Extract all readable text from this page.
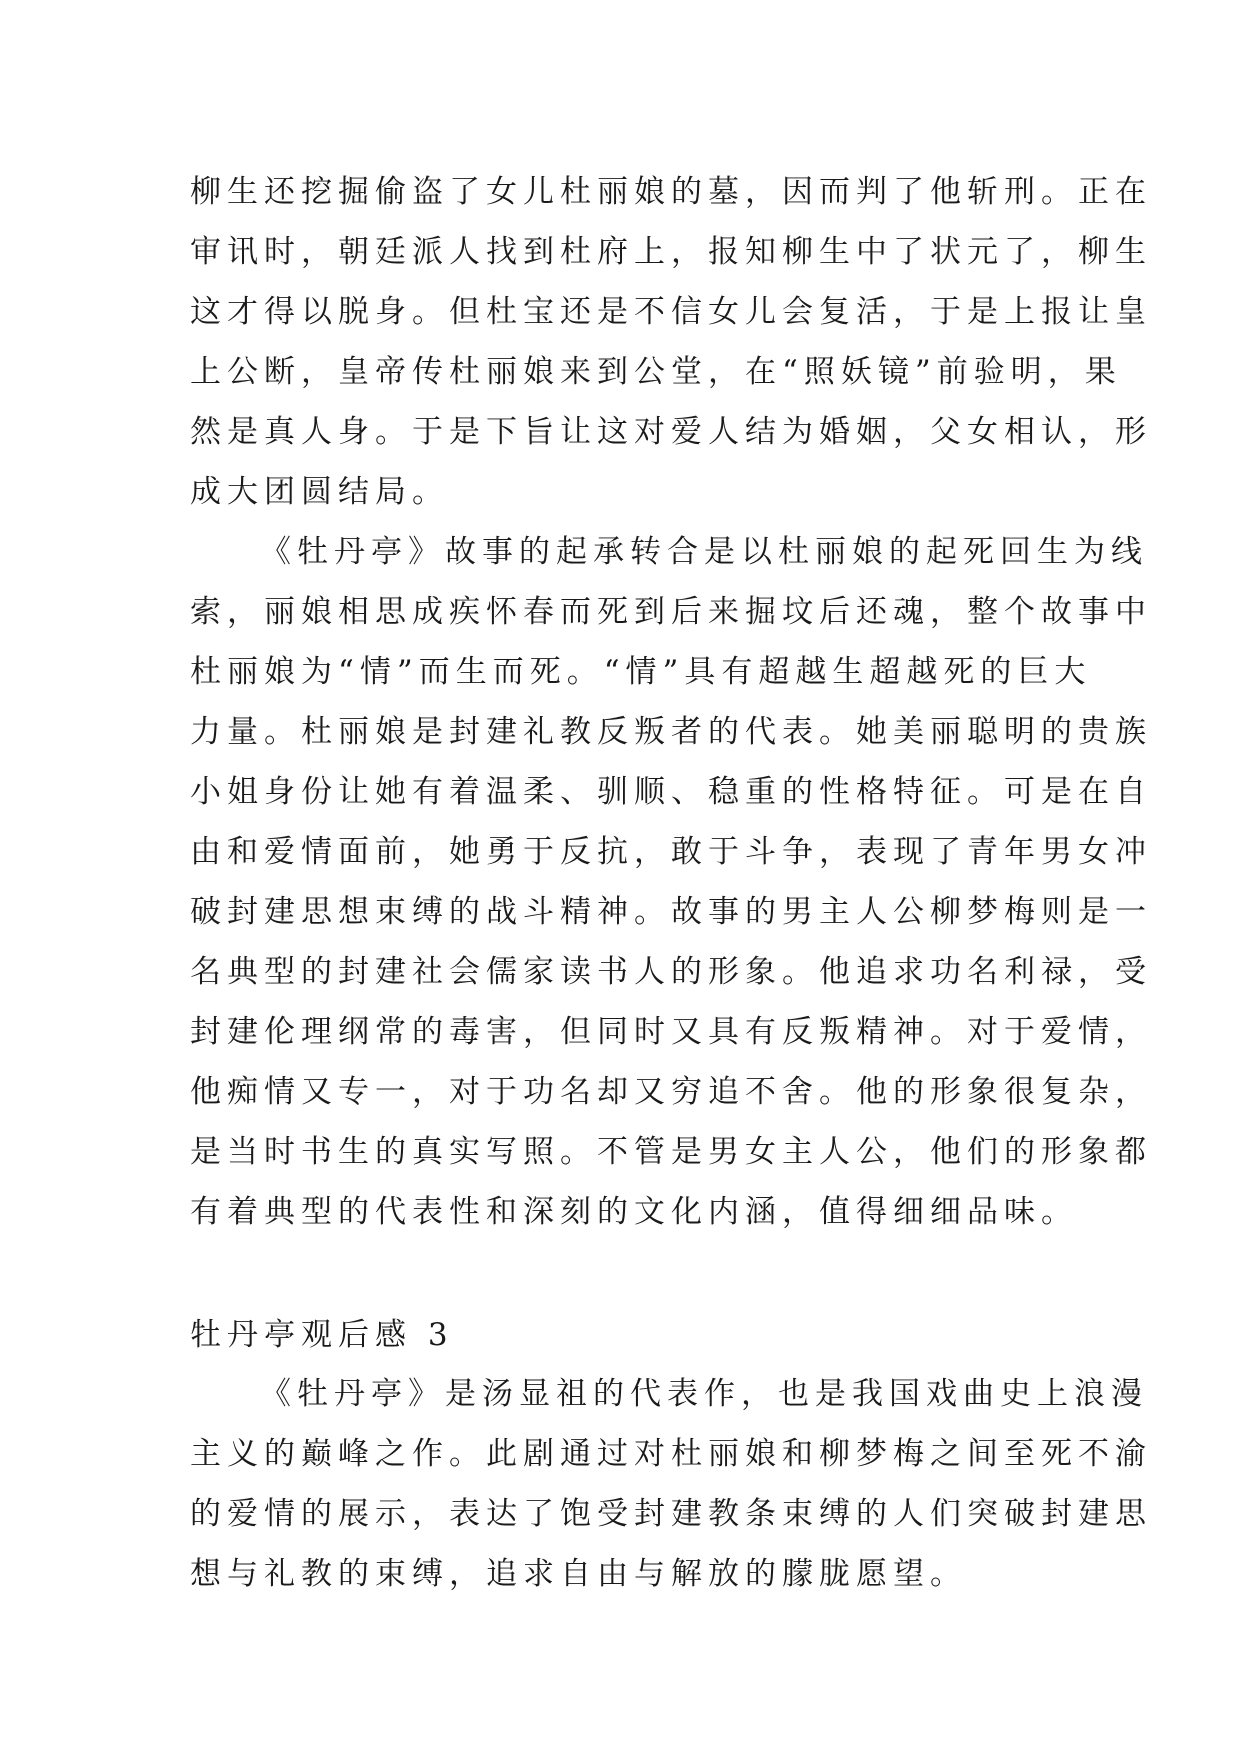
柳生还挖掘偷盗了女儿杜丽娘的墓，因而判了他斩刑。正在

审讯时，朝廷派人找到杜府上，报知柳生中了状元了，柳生

这才得以脱身。但杜宝还是不信女儿会复活，于是上报让皇

上公断，皇帝传杜丽娘来到公堂，在“照妖镜”前验明，果

然是真人身。于是下旨让这对爱人结为婚姻，父女相认，形

成大团圆结局。

《牡丹亭》故事的起承转合是以杜丽娘的起死回生为线

索，丽娘相思成疾怀春而死到后来掘坟后还魂，整个故事中

杜丽娘为“情”而生而死。“情”具有超越生超越死的巨大

力量。杜丽娘是封建礼教反叛者的代表。她美丽聪明的贵族

小姐身份让她有着温柔、驯顺、稳重的性格特征。可是在自

由和爱情面前，她勇于反抗，敢于斗争，表现了青年男女冲

破封建思想束缚的战斗精神。故事的男主人公柳梦梅则是一

名典型的封建社会儒家读书人的形象。他追求功名利禄，受

封建伦理纲常的毒害，但同时又具有反叛精神。对于爱情，

他痴情又专一，对于功名却又穷追不舍。他的形象很复杂，

是当时书生的真实写照。不管是男女主人公，他们的形象都

有着典型的代表性和深刻的文化内涵，值得细细品味。

牡丹亭观后感 3

《牡丹亭》是汤显祖的代表作，也是我国戏曲史上浪漫

主义的巅峰之作。此剧通过对杜丽娘和柳梦梅之间至死不渝

的爱情的展示，表达了饱受封建教条束缚的人们突破封建思

想与礼教的束缚，追求自由与解放的朦胧愿望。
